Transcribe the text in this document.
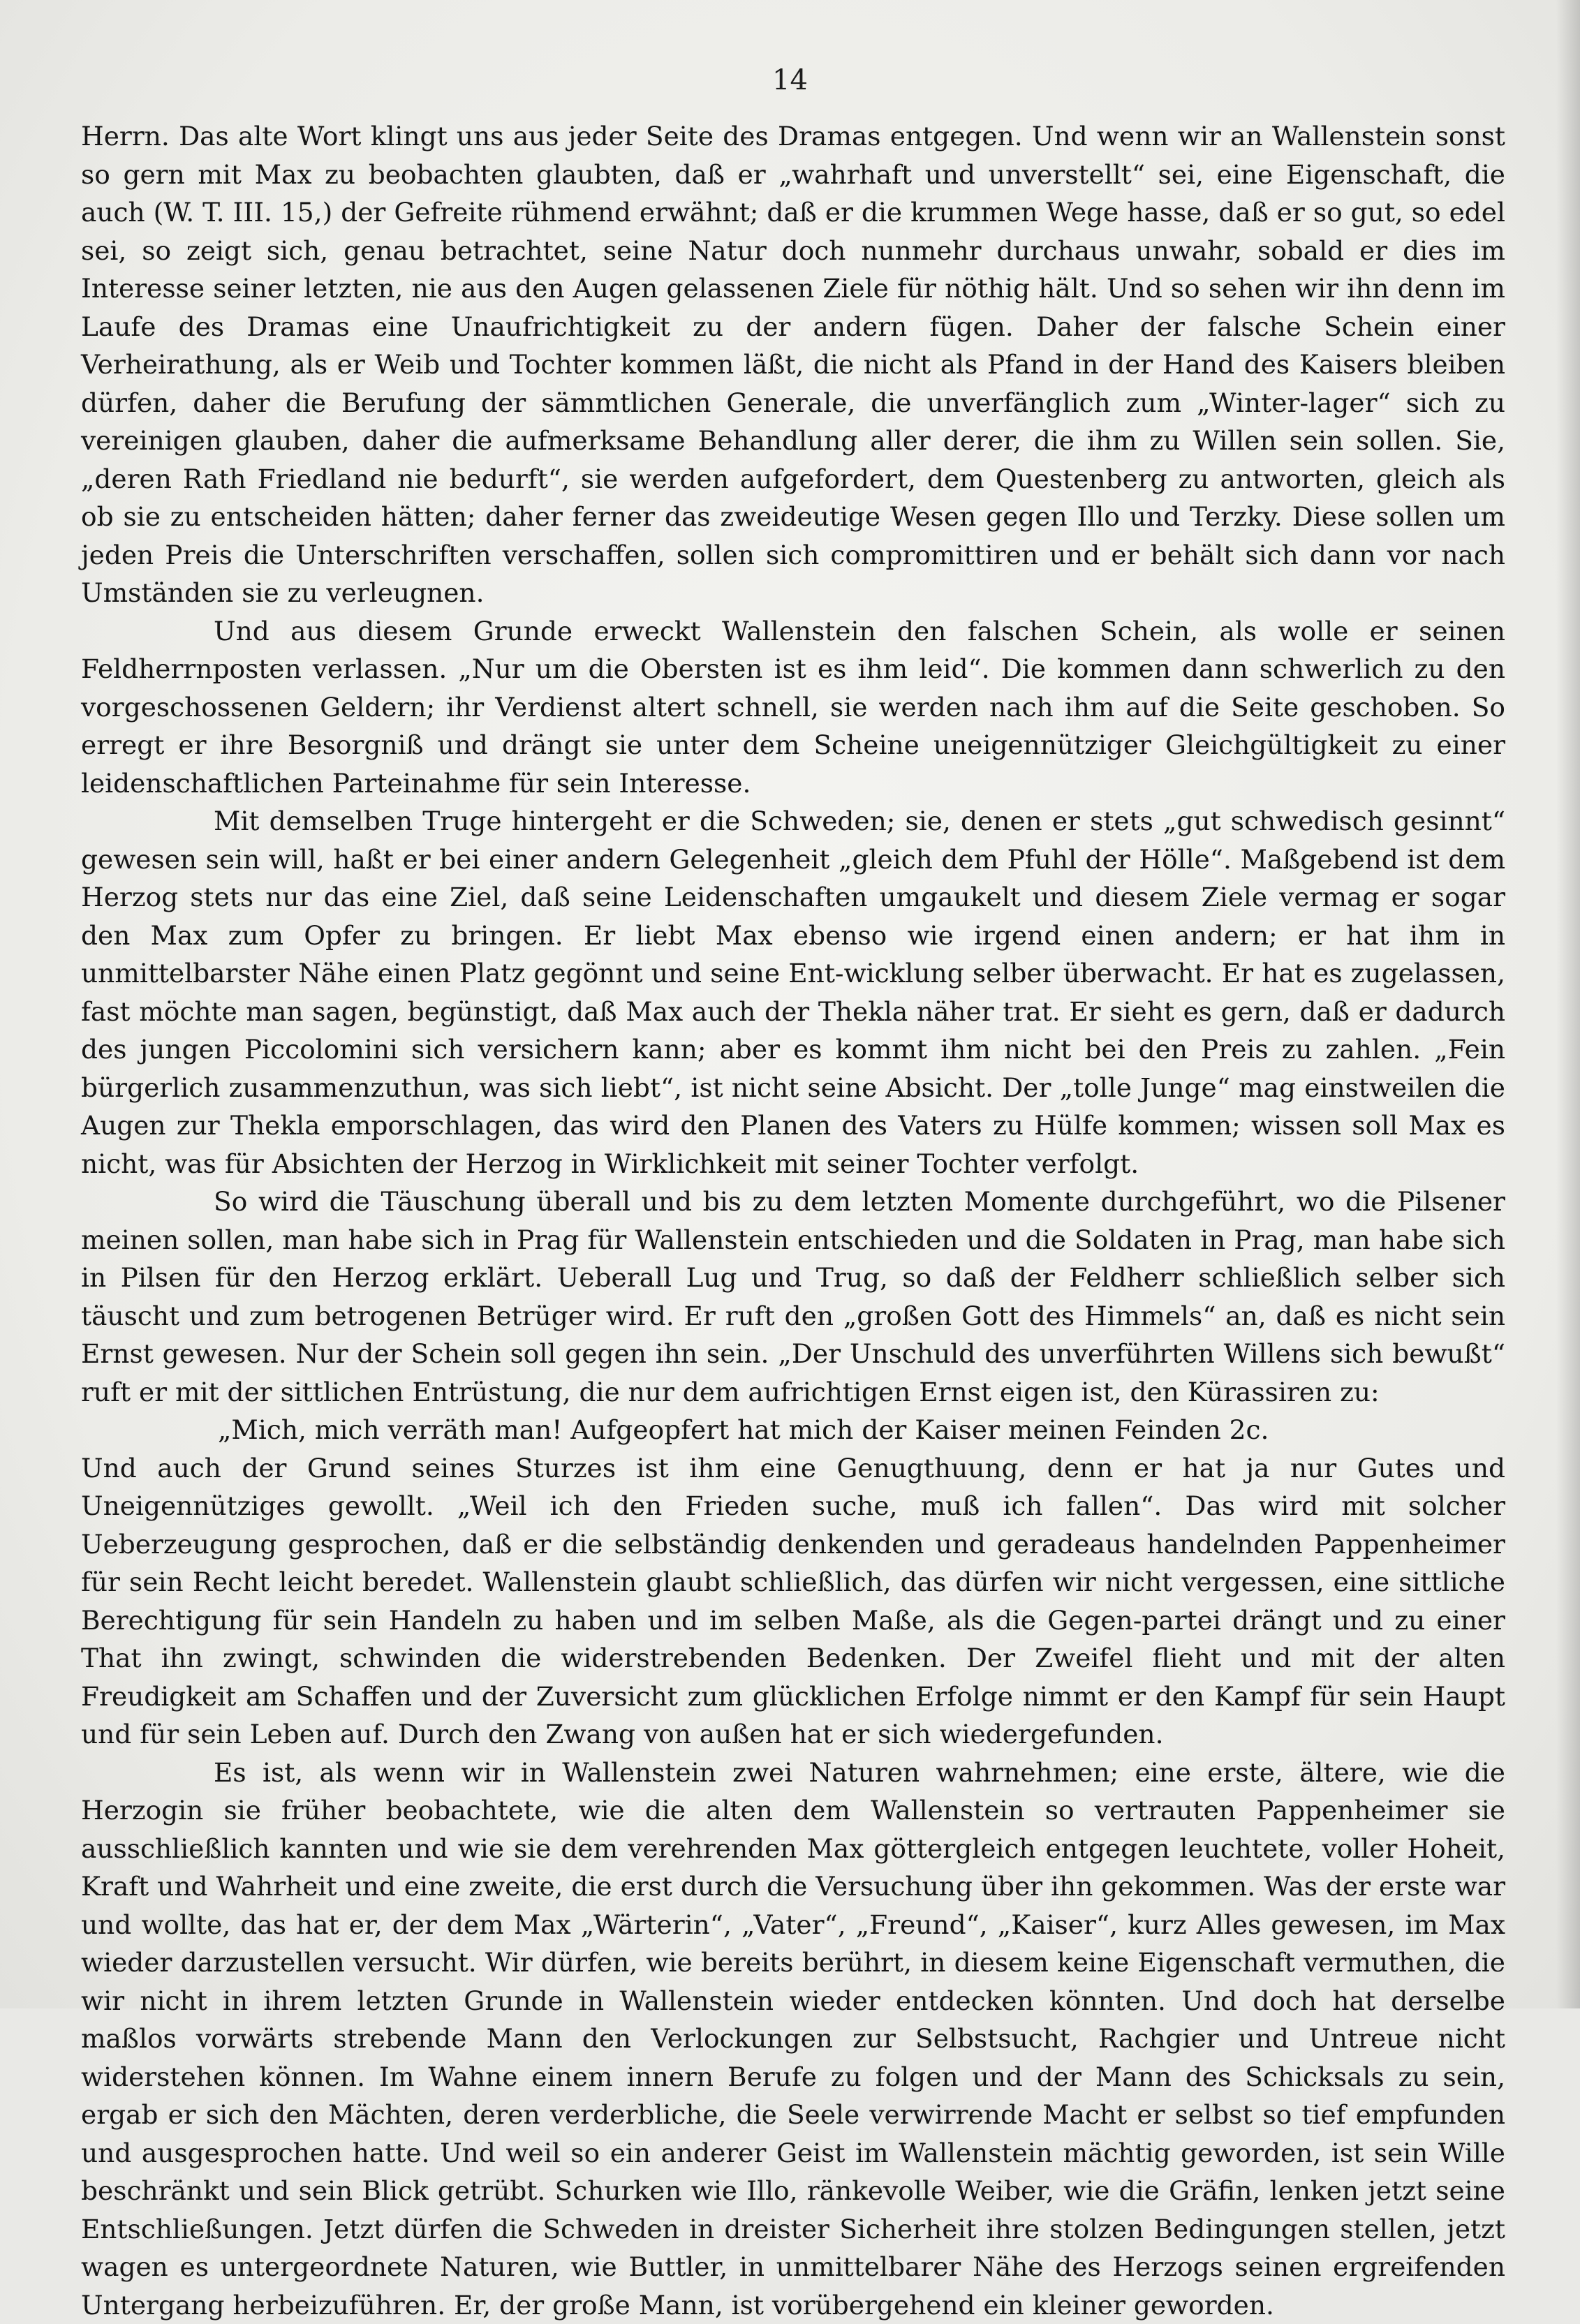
14

Herrn. Das alte Wort klingt uns aus jeder Seite des Dramas entgegen. Und wenn wir an Wallenstein sonst so gern mit Max zu beobachten glaubten, daß er „wahrhaft und unverstellt“ sei, eine Eigenschaft, die auch (W. T. III. 15,) der Gefreite rühmend erwähnt; daß er die krummen Wege hasse, daß er so gut, so edel sei, so zeigt sich, genau betrachtet, seine Natur doch nunmehr durchaus unwahr, sobald er dies im Interesse seiner letzten, nie aus den Augen gelassenen Ziele für nöthig hält. Und so sehen wir ihn denn im Laufe des Dramas eine Unaufrichtigkeit zu der andern fügen. Daher der falsche Schein einer Verheirathung, als er Weib und Tochter kommen läßt, die nicht als Pfand in der Hand des Kaisers bleiben dürfen, daher die Berufung der sämmtlichen Generale, die unverfänglich zum „Winter-lager“ sich zu vereinigen glauben, daher die aufmerksame Behandlung aller derer, die ihm zu Willen sein sollen. Sie, „deren Rath Friedland nie bedurft“, sie werden aufgefordert, dem Questenberg zu antworten, gleich als ob sie zu entscheiden hätten; daher ferner das zweideutige Wesen gegen Illo und Terzky. Diese sollen um jeden Preis die Unterschriften verschaffen, sollen sich compromittiren und er behält sich dann vor nach Umständen sie zu verleugnen.

Und aus diesem Grunde erweckt Wallenstein den falschen Schein, als wolle er seinen Feldherrnposten verlassen. „Nur um die Obersten ist es ihm leid“. Die kommen dann schwerlich zu den vorgeschossenen Geldern; ihr Verdienst altert schnell, sie werden nach ihm auf die Seite geschoben. So erregt er ihre Besorgniß und drängt sie unter dem Scheine uneigennütziger Gleichgültigkeit zu einer leidenschaftlichen Parteinahme für sein Interesse.

Mit demselben Truge hintergeht er die Schweden; sie, denen er stets „gut schwedisch gesinnt“ gewesen sein will, haßt er bei einer andern Gelegenheit „gleich dem Pfuhl der Hölle“. Maßgebend ist dem Herzog stets nur das eine Ziel, daß seine Leidenschaften umgaukelt und diesem Ziele vermag er sogar den Max zum Opfer zu bringen. Er liebt Max ebenso wie irgend einen andern; er hat ihm in unmittelbarster Nähe einen Platz gegönnt und seine Ent-wicklung selber überwacht. Er hat es zugelassen, fast möchte man sagen, begünstigt, daß Max auch der Thekla näher trat. Er sieht es gern, daß er dadurch des jungen Piccolomini sich versichern kann; aber es kommt ihm nicht bei den Preis zu zahlen. „Fein bürgerlich zusammenzuthun, was sich liebt“, ist nicht seine Absicht. Der „tolle Junge“ mag einstweilen die Augen zur Thekla emporschlagen, das wird den Planen des Vaters zu Hülfe kommen; wissen soll Max es nicht, was für Absichten der Herzog in Wirklichkeit mit seiner Tochter verfolgt.

So wird die Täuschung überall und bis zu dem letzten Momente durchgeführt, wo die Pilsener meinen sollen, man habe sich in Prag für Wallenstein entschieden und die Soldaten in Prag, man habe sich in Pilsen für den Herzog erklärt. Ueberall Lug und Trug, so daß der Feldherr schließlich selber sich täuscht und zum betrogenen Betrüger wird. Er ruft den „großen Gott des Himmels“ an, daß es nicht sein Ernst gewesen. Nur der Schein soll gegen ihn sein. „Der Unschuld des unverführten Willens sich bewußt“ ruft er mit der sittlichen Entrüstung, die nur dem aufrichtigen Ernst eigen ist, den Kürassiren zu:

„Mich, mich verräth man! Aufgeopfert hat mich der Kaiser meinen Feinden 2c.

Und auch der Grund seines Sturzes ist ihm eine Genugthuung, denn er hat ja nur Gutes und Uneigennütziges gewollt. „Weil ich den Frieden suche, muß ich fallen“. Das wird mit solcher Ueberzeugung gesprochen, daß er die selbständig denkenden und geradeaus handelnden Pappenheimer für sein Recht leicht beredet. Wallenstein glaubt schließlich, das dürfen wir nicht vergessen, eine sittliche Berechtigung für sein Handeln zu haben und im selben Maße, als die Gegen-partei drängt und zu einer That ihn zwingt, schwinden die widerstrebenden Bedenken. Der Zweifel flieht und mit der alten Freudigkeit am Schaffen und der Zuversicht zum glücklichen Erfolge nimmt er den Kampf für sein Haupt und für sein Leben auf. Durch den Zwang von außen hat er sich wiedergefunden.

Es ist, als wenn wir in Wallenstein zwei Naturen wahrnehmen; eine erste, ältere, wie die Herzogin sie früher beobachtete, wie die alten dem Wallenstein so vertrauten Pappenheimer sie ausschließlich kannten und wie sie dem verehrenden Max göttergleich entgegen leuchtete, voller Hoheit, Kraft und Wahrheit und eine zweite, die erst durch die Versuchung über ihn gekommen. Was der erste war und wollte, das hat er, der dem Max „Wärterin“, „Vater“, „Freund“, „Kaiser“, kurz Alles gewesen, im Max wieder darzustellen versucht. Wir dürfen, wie bereits berührt, in diesem keine Eigenschaft vermuthen, die wir nicht in ihrem letzten Grunde in Wallenstein wieder entdecken könnten. Und doch hat derselbe maßlos vorwärts strebende Mann den Verlockungen zur Selbstsucht, Rachgier und Untreue nicht widerstehen können. Im Wahne einem innern Berufe zu folgen und der Mann des Schicksals zu sein, ergab er sich den Mächten, deren verderbliche, die Seele verwirrende Macht er selbst so tief empfunden und ausgesprochen hatte. Und weil so ein anderer Geist im Wallenstein mächtig geworden, ist sein Wille beschränkt und sein Blick getrübt. Schurken wie Illo, ränkevolle Weiber, wie die Gräfin, lenken jetzt seine Entschließungen. Jetzt dürfen die Schweden in dreister Sicherheit ihre stolzen Bedingungen stellen, jetzt wagen es untergeordnete Naturen, wie Buttler, in unmittelbarer Nähe des Herzogs seinen ergreifenden Untergang herbeizuführen. Er, der große Mann, ist vorübergehend ein kleiner geworden.
